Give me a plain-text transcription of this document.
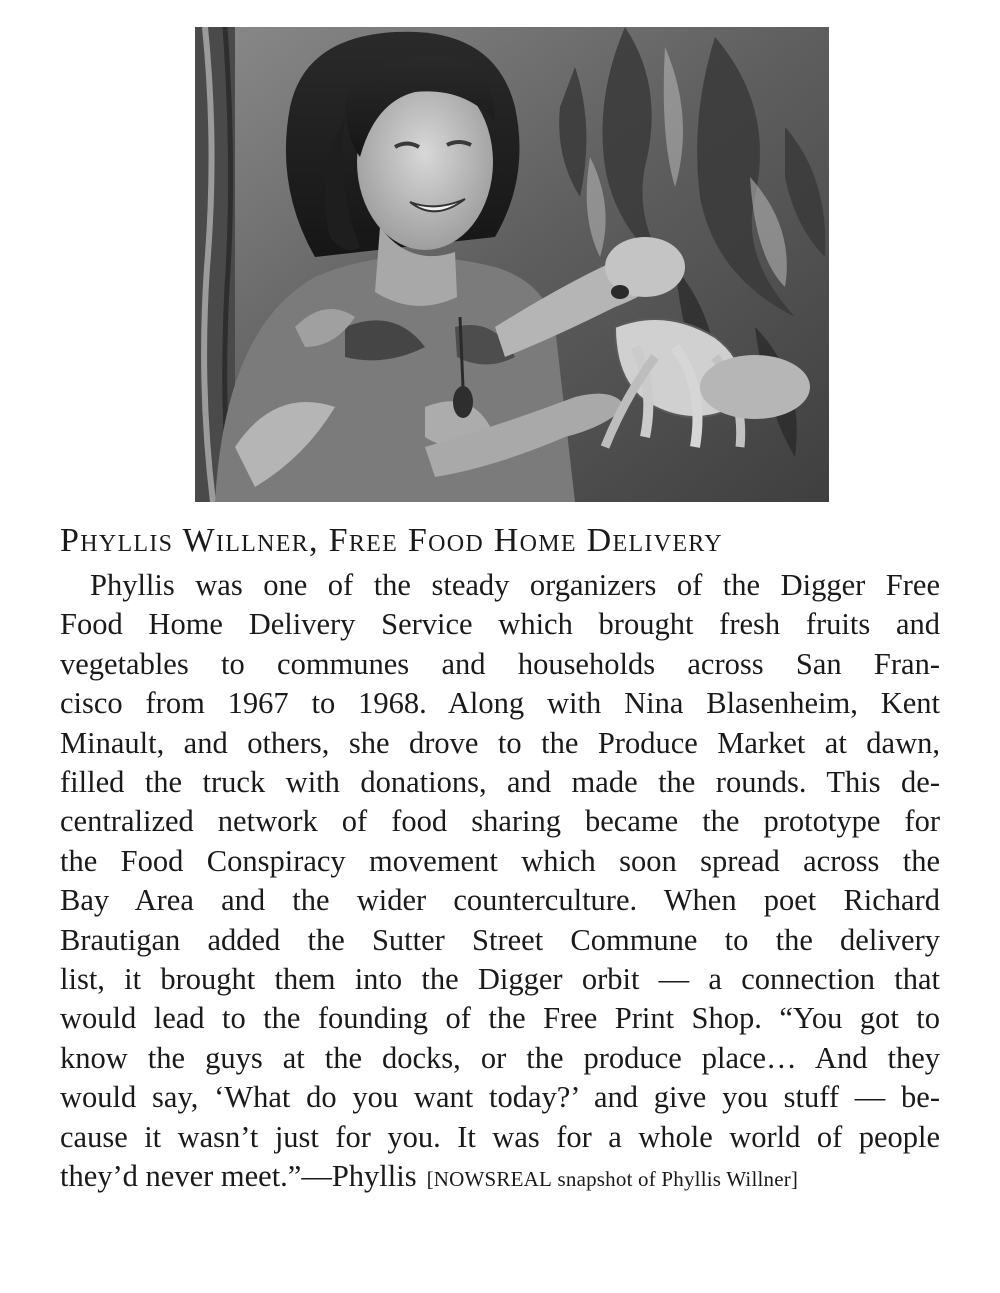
Phyllis Willner, Free Food Home Delivery
Phyllis was one of the steady organizers of the Digger Free
Food Home Delivery Service which brought fresh fruits and
vegetables to communes and households across San Fran-
cisco from 1967 to 1968. Along with Nina Blasenheim, Kent
Minault, and others, she drove to the Produce Market at dawn,
filled the truck with donations, and made the rounds. This de-
centralized network of food sharing became the prototype for
the Food Conspiracy movement which soon spread across the
Bay Area and the wider counterculture. When poet Richard
Brautigan added the Sutter Street Commune to the delivery
list, it brought them into the Digger orbit — a connection that
would lead to the founding of the Free Print Shop. “You got to
know the guys at the docks, or the produce place… And they
would say, ‘What do you want today?’ and give you stuff — be-
cause it wasn’t just for you. It was for a whole world of people
they’d never meet.”—Phyllis [NOWSREAL snapshot of Phyllis Willner]
